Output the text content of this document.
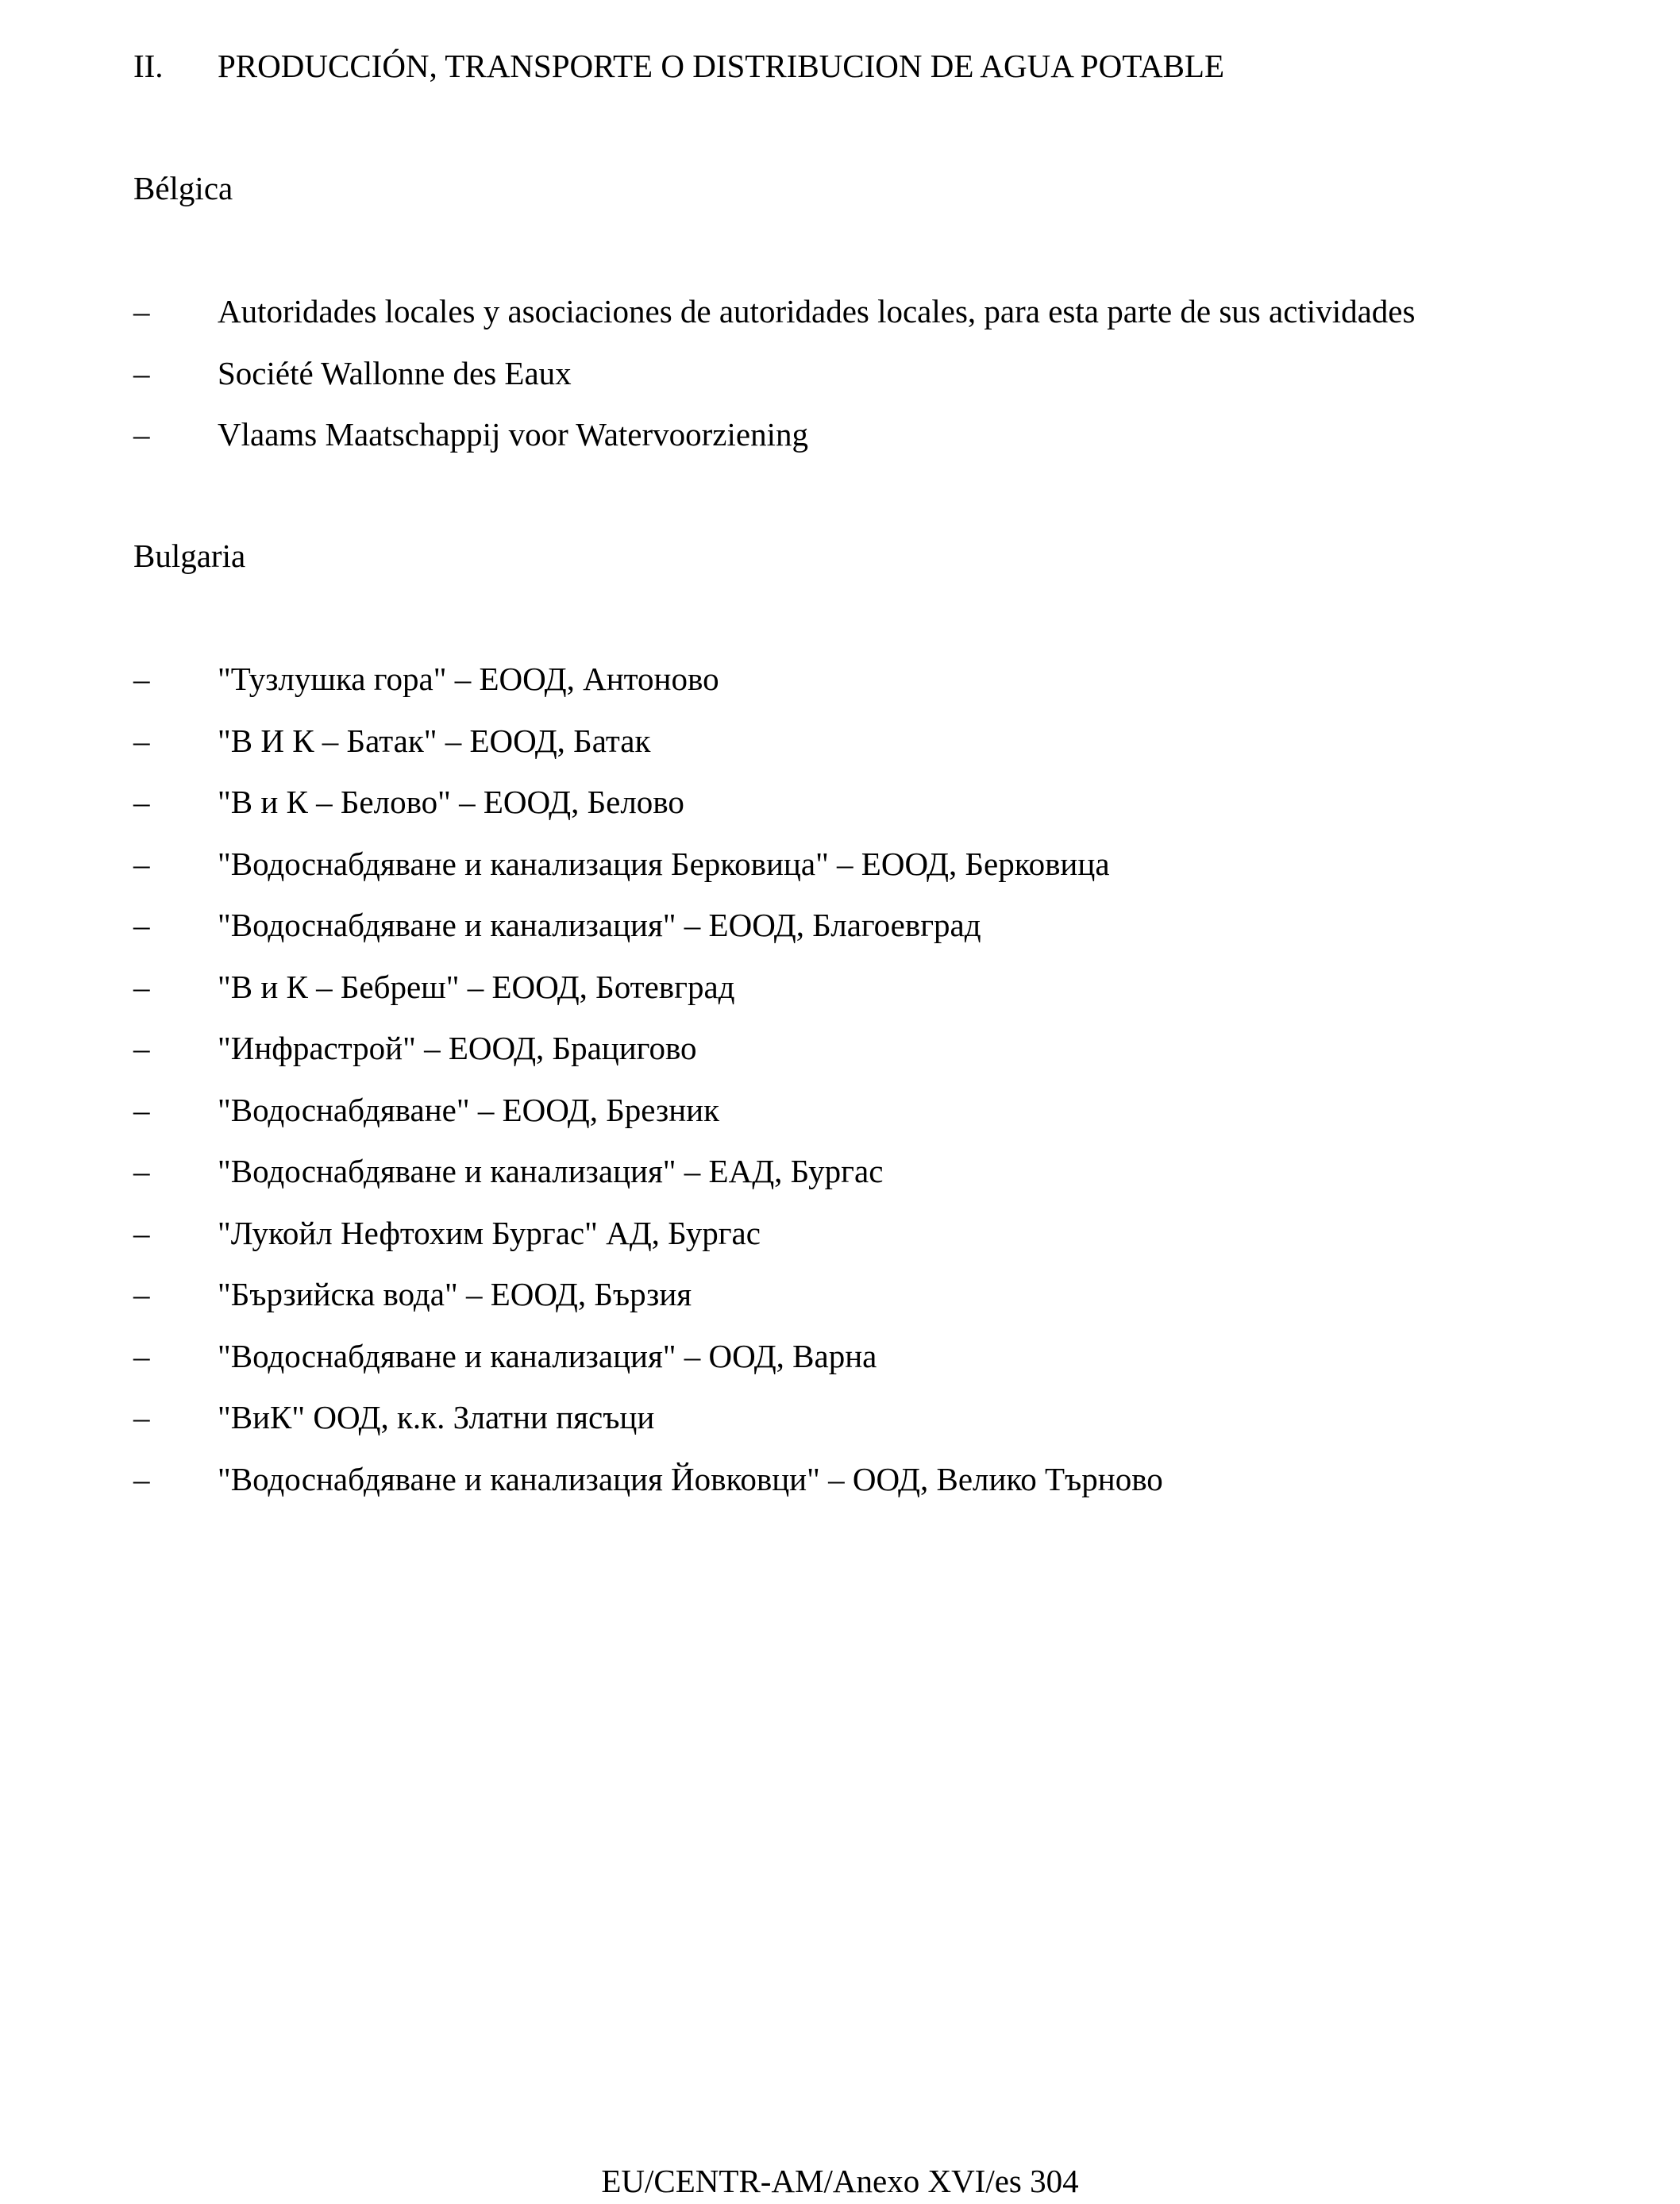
II. PRODUCCIÓN, TRANSPORTE O DISTRIBUCION DE AGUA POTABLE
Bélgica
–	Autoridades locales y asociaciones de autoridades locales, para esta parte de sus actividades
–	Société Wallonne des Eaux
–	Vlaams Maatschappij voor Watervoorziening
Bulgaria
–	"Тузлушка гора" – ЕООД, Антоново
–	"В И К – Батак" – ЕООД, Батак
–	"В и К – Белово" – ЕООД, Белово
–	"Водоснабдяване и канализация Берковица" – ЕООД, Берковица
–	"Водоснабдяване и канализация" – ЕООД, Благоевград
–	"В и К – Бебреш" – ЕООД, Ботевград
–	"Инфрастрой" – ЕООД, Брацигово
–	"Водоснабдяване" – ЕООД, Брезник
–	"Водоснабдяване и канализация" – ЕАД, Бургас
–	"Лукойл Нефтохим Бургас" АД, Бургас
–	"Бързийска вода" – ЕООД, Бързия
–	"Водоснабдяване и канализация" – ООД, Варна
–	"ВиК" ООД, к.к. Златни пясъци
–	"Водоснабдяване и канализация Йовковци" – ООД, Велико Търново
EU/CENTR-AM/Anexo XVI/es 304
